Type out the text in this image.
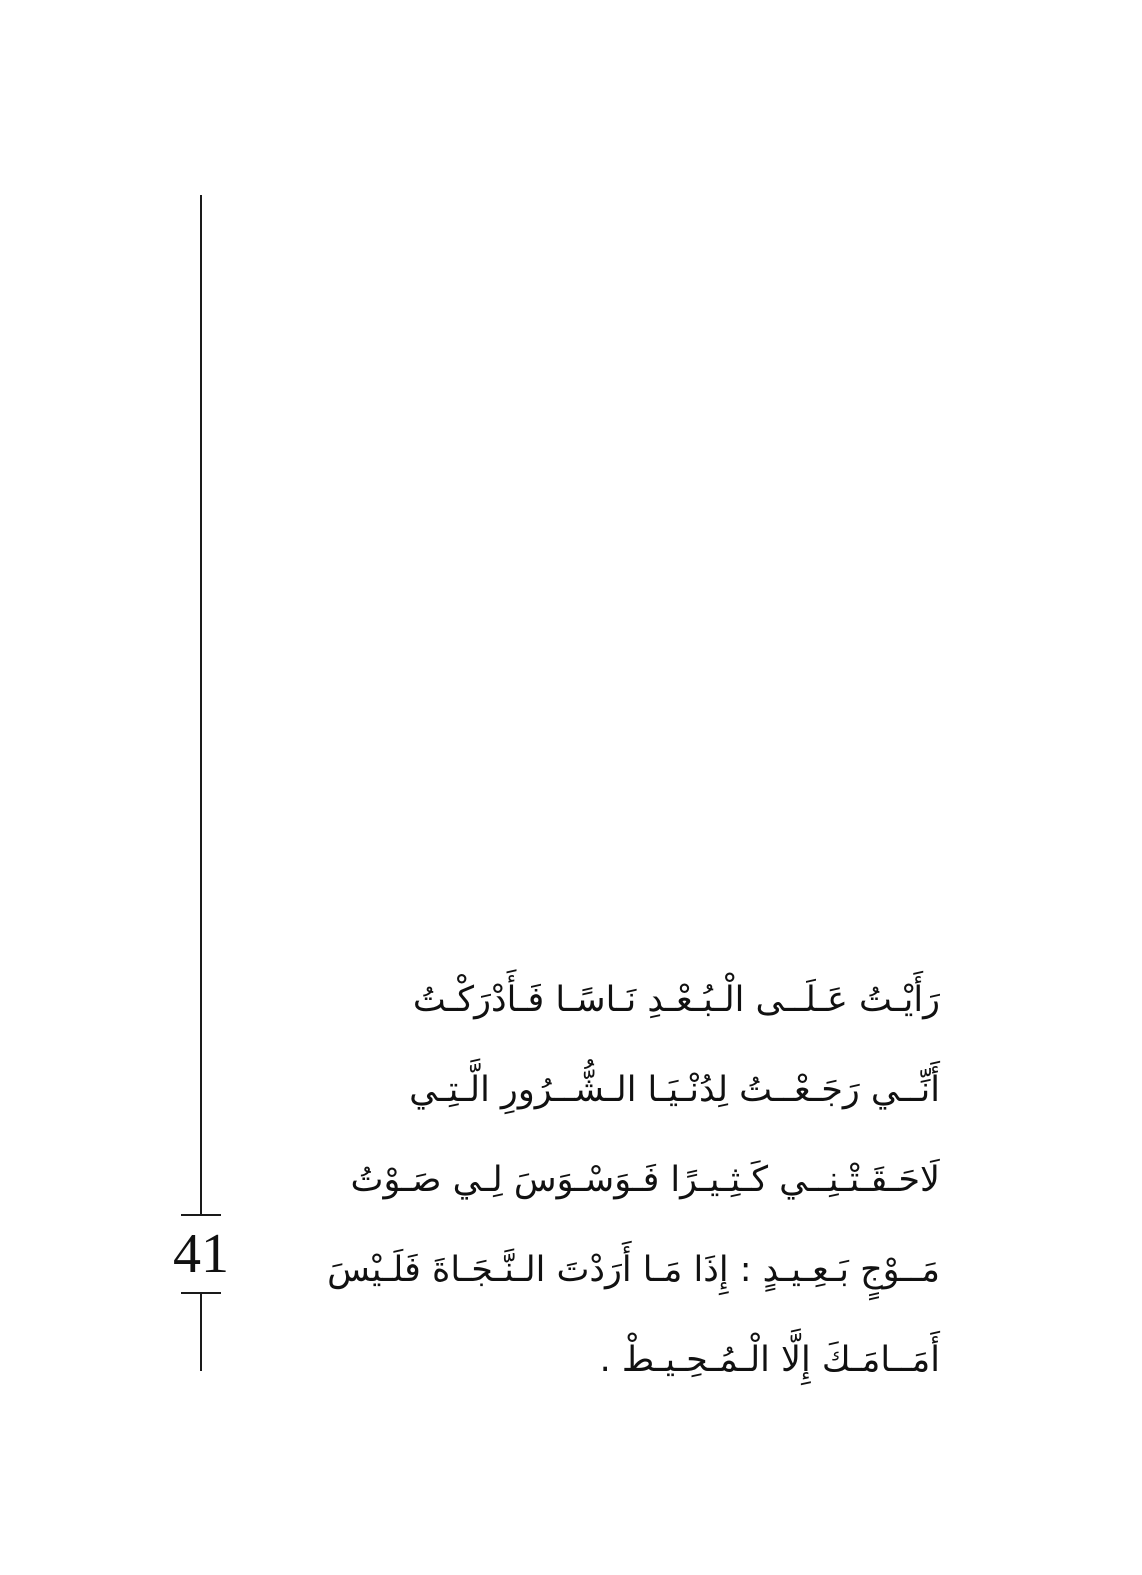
41
رَأَيْـتُ عَـلَــى الْـبُـعْـدِ نَـاسًـا فَـأَدْرَكْـتُ
أَنِّــي رَجَـعْــتُ لِدُنْـيَـا الـشُّــرُورِ الَّـتِـي
لَاحَـقَـتْـنِــي كَـثِـيـرًا فَـوَسْـوَسَ لِـي صَـوْتُ
مَــوْجٍ بَـعِـيـدٍ : إِذَا مَـا أَرَدْتَ الـنَّـجَـاةَ فَلَـيْسَ
أَمَــامَـكَ إِلَّا الْـمُـحِـيـطْ .
